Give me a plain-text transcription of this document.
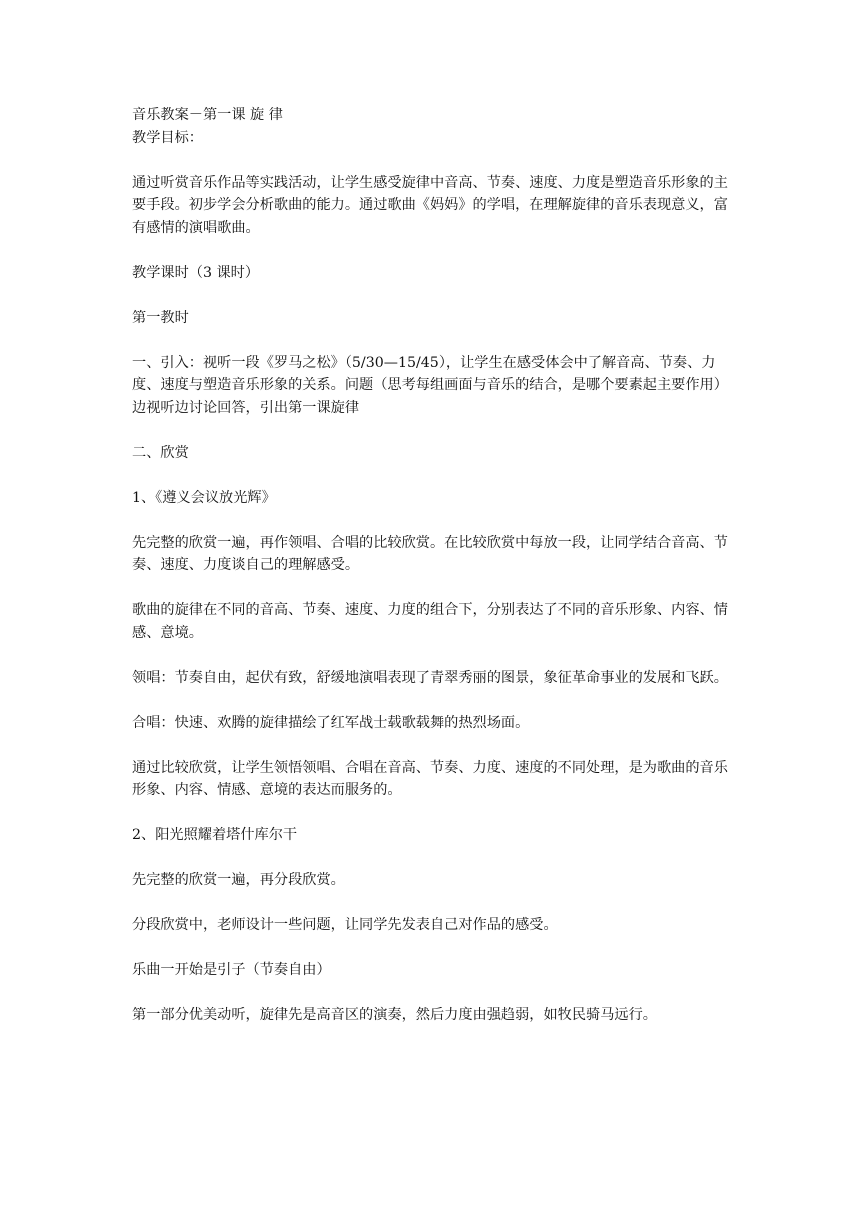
音乐教案－第一课 旋 律

教学目标：

通过听赏音乐作品等实践活动，让学生感受旋律中音高、节奏、速度、力度是塑造音乐形象的主要手段。初步学会分析歌曲的能力。通过歌曲《妈妈》的学唱，在理解旋律的音乐表现意义，富有感情的演唱歌曲。

教学课时（3 课时）

第一教时

一、引入：视听一段《罗马之松》（5/30—15/45），让学生在感受体会中了解音高、节奏、力度、速度与塑造音乐形象的关系。问题（思考每组画面与音乐的结合，是哪个要素起主要作用）边视听边讨论回答，引出第一课旋律

二、欣赏

1、《遵义会议放光辉》

先完整的欣赏一遍，再作领唱、合唱的比较欣赏。在比较欣赏中每放一段，让同学结合音高、节奏、速度、力度谈自己的理解感受。

歌曲的旋律在不同的音高、节奏、速度、力度的组合下，分别表达了不同的音乐形象、内容、情感、意境。

领唱：节奏自由，起伏有致，舒缓地演唱表现了青翠秀丽的图景，象征革命事业的发展和飞跃。

合唱：快速、欢腾的旋律描绘了红军战士载歌载舞的热烈场面。

通过比较欣赏，让学生领悟领唱、合唱在音高、节奏、力度、速度的不同处理，是为歌曲的音乐形象、内容、情感、意境的表达而服务的。

2、阳光照耀着塔什库尔干

先完整的欣赏一遍，再分段欣赏。

分段欣赏中，老师设计一些问题，让同学先发表自己对作品的感受。

乐曲一开始是引子（节奏自由）

第一部分优美动听，旋律先是高音区的演奏，然后力度由强趋弱，如牧民骑马远行。
